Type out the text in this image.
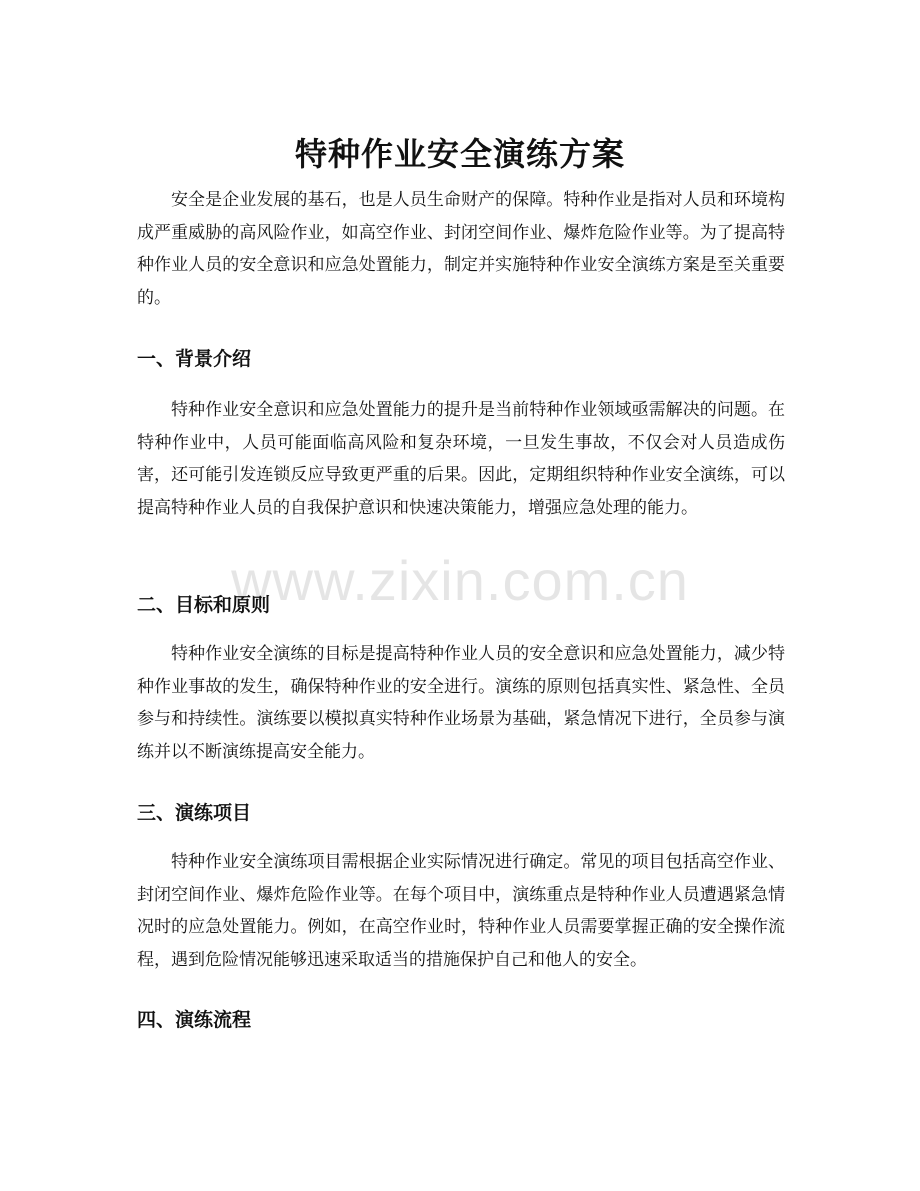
特种作业安全演练方案

安全是企业发展的基石，也是人员生命财产的保障。特种作业是指对人员和环境构成严重威胁的高风险作业，如高空作业、封闭空间作业、爆炸危险作业等。为了提高特种作业人员的安全意识和应急处置能力，制定并实施特种作业安全演练方案是至关重要的。

一、背景介绍

特种作业安全意识和应急处置能力的提升是当前特种作业领域亟需解决的问题。在特种作业中，人员可能面临高风险和复杂环境，一旦发生事故，不仅会对人员造成伤害，还可能引发连锁反应导致更严重的后果。因此，定期组织特种作业安全演练，可以提高特种作业人员的自我保护意识和快速决策能力，增强应急处理的能力。

二、目标和原则

特种作业安全演练的目标是提高特种作业人员的安全意识和应急处置能力，减少特种作业事故的发生，确保特种作业的安全进行。演练的原则包括真实性、紧急性、全员参与和持续性。演练要以模拟真实特种作业场景为基础，紧急情况下进行，全员参与演练并以不断演练提高安全能力。

三、演练项目

特种作业安全演练项目需根据企业实际情况进行确定。常见的项目包括高空作业、封闭空间作业、爆炸危险作业等。在每个项目中，演练重点是特种作业人员遭遇紧急情况时的应急处置能力。例如，在高空作业时，特种作业人员需要掌握正确的安全操作流程，遇到危险情况能够迅速采取适当的措施保护自己和他人的安全。

四、演练流程
www.zixin.com.cn
